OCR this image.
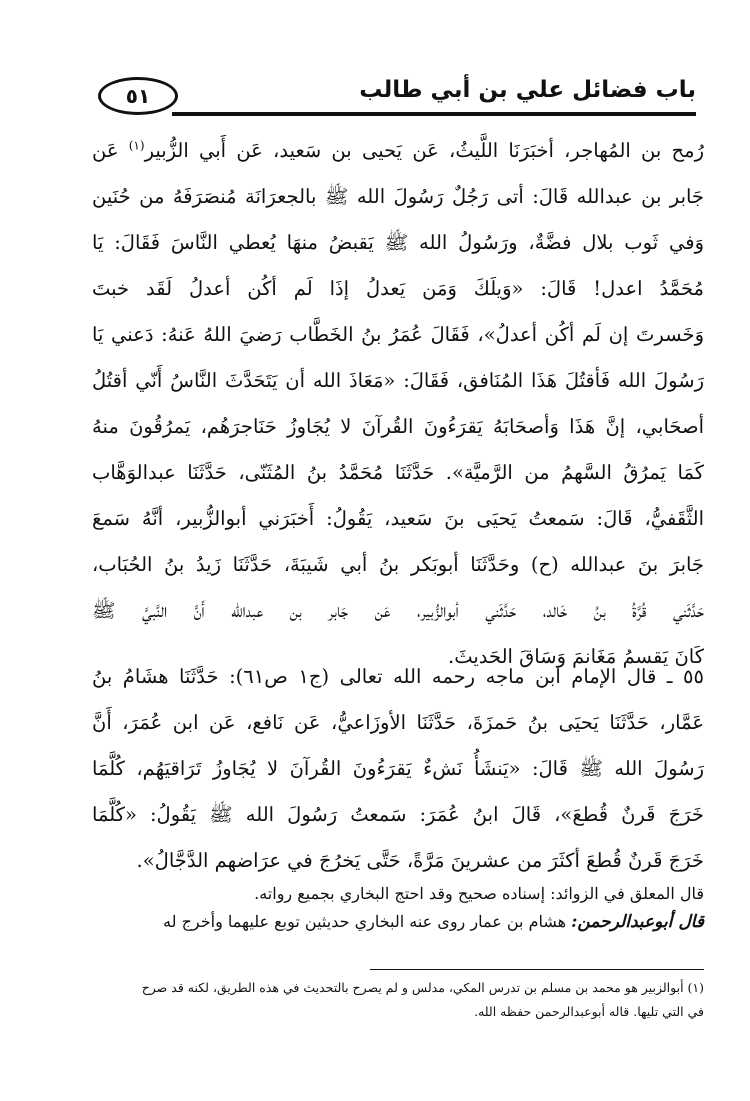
باب فضائل علي بن أبي طالب
٥١
رُمح بن المُهاجر، أخبَرَنَا اللَّيثُ، عَن يَحيى بن سَعيد، عَن أَبي الزُّبير$^{(١)}$ عَن
جَابر بن عبدالله قَالَ: أتى رَجُلٌ رَسُولَ الله ﷺ بالجعرَانَة مُنصَرَفَهُ من حُنَين
وَفي ثَوب بلال فضَّةٌ، ورَسُولُ الله ﷺ يَقبضُ منهَا يُعطي النَّاسَ فَقَالَ: يَا
مُحَمَّدُ اعدل! قَالَ: «وَيلَكَ وَمَن يَعدلُ إذَا لَم أكُن أعدلُ لَقَد خبتَ
وَخَسرتَ إن لَم أكُن أعدلُ»، فَقَالَ عُمَرُ بنُ الخَطَّاب رَضيَ اللهُ عَنهُ: دَعني يَا
رَسُولَ الله فَأقتُلَ هَذَا المُنَافق، فَقَالَ: «مَعَاذَ الله أن يَتَحَدَّثَ النَّاسُ أَنّي أقتُلُ
أصحَابي، إنَّ هَذَا وَأصحَابَهُ يَقرَءُونَ القُرآنَ لا يُجَاوزُ حَنَاجرَهُم، يَمرُقُونَ منهُ
كَمَا يَمرُقُ السَّهمُ من الرَّميَّة». حَدَّثَنَا مُحَمَّدُ بنُ المُثَنّى، حَدَّثَنَا عبدالوَهَّاب
الثَّقَفيُّ، قَالَ: سَمعتُ يَحيَى بنَ سَعيد، يَقُولُ: أَخبَرَني أبوالزُّبير، أنَّهُ سَمعَ
جَابرَ بنَ عبدالله (ح) وحَدَّثَنَا أبوبَكر بنُ أبي شَيبَةَ، حَدَّثَنَا زَيدُ بنُ الحُبَاب،
حَدَّثَني قُرَّةُ بنُ خَالد، حَدَّثَني أبوالزُّبير، عَن جَابر بن عبدالله أَنَّ النَّبيَّ ﷺ
كَانَ يَقسمُ مَغَانمَ وَسَاقَ الحَديثَ.
٥٥ ـ قال الإمام ابن ماجه رحمه الله تعالى (ج١ ص٦١): حَدَّثَنَا هشَامُ بنُ
عَمَّار، حَدَّثَنَا يَحيَى بنُ حَمزَةَ، حَدَّثَنَا الأوزَاعيُّ، عَن نَافع، عَن ابن عُمَرَ، أَنَّ
رَسُولَ الله ﷺ قَالَ: «يَنشَأُ نَشءٌ يَقرَءُونَ القُرآنَ لا يُجَاوزُ تَرَاقيَهُم، كُلَّمَا
خَرَجَ قَرنٌ قُطعَ»، قَالَ ابنُ عُمَرَ: سَمعتُ رَسُولَ الله ﷺ يَقُولُ: «كُلَّمَا
خَرَجَ قَرنٌ قُطعَ أكثَرَ من عشرينَ مَرَّةً، حَتَّى يَخرُجَ في عرَاضهم الدَّجَّالُ».
قال المعلق في الزوائد: إسناده صحيح وقد احتج البخاري بجميع رواته.
قال أبوعبدالرحمن: هشام بن عمار روى عنه البخاري حديثين توبع عليهما وأخرج له
(١) أبوالزبير هو محمد بن مسلم بن تدرس المكي، مدلس و لم يصرح بالتحديث في هذه الطريق، لكنه قد صرح
في التي تليها. قاله أبوعبدالرحمن حفظه الله.
